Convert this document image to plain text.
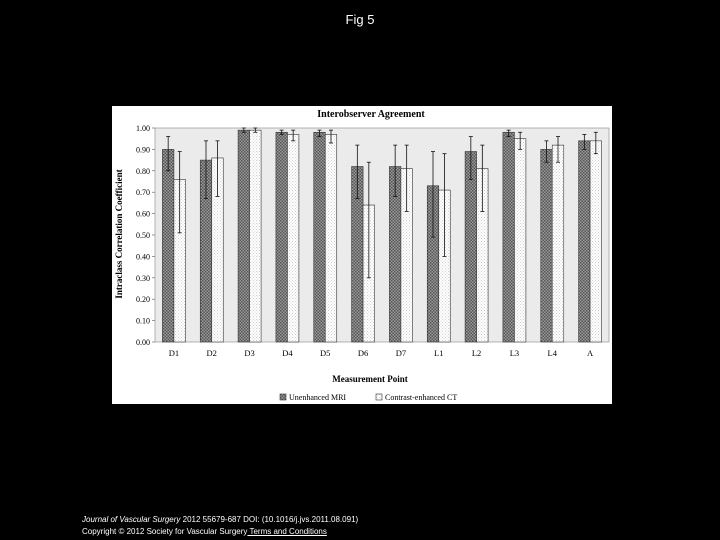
Fig 5
Interobserver Agreement
Measurement Point
Intraclass Correlation Coefficient
0.00
0.10
0.20
0.30
0.40
0.50
0.60
0.70
0.80
0.90
1.00
D1	D2	D3	D4	D5	D6	D7	L1	L2	L3	L4	A
Unenhanced MRI	Contrast-enhanced CT
Journal of Vascular Surgery 2012 55679-687 DOI: (10.1016/j.jvs.2011.08.091)
Copyright © 2012 Society for Vascular Surgery Terms and Conditions
